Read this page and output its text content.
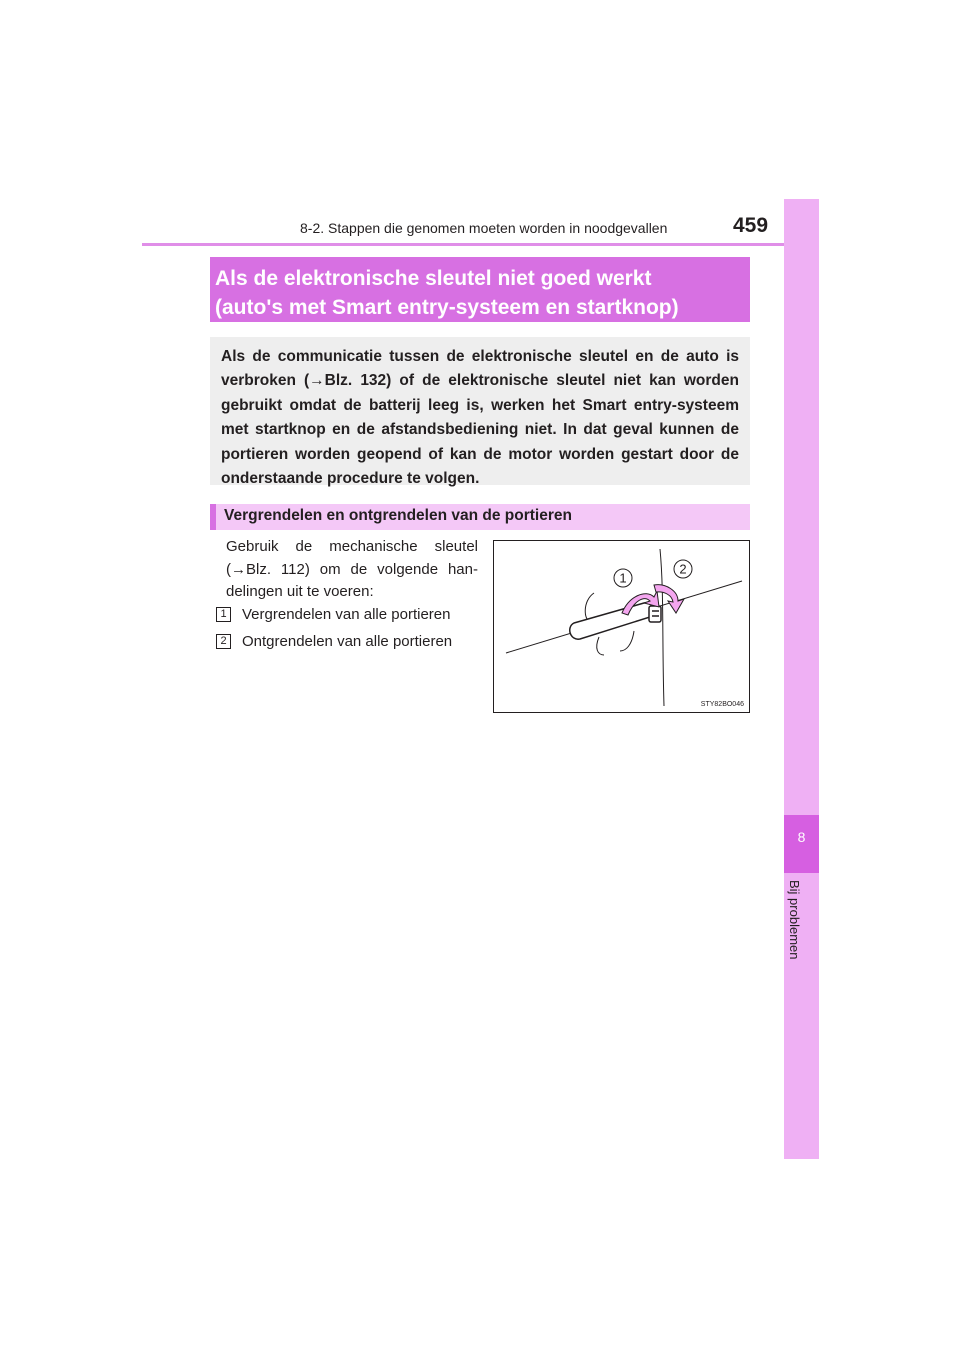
8-2. Stappen die genomen moeten worden in noodgevallen	459
8
Bij problemen
Als de elektronische sleutel niet goed werkt
(auto's met Smart entry-systeem en startknop)
Als de communicatie tussen de elektronische sleutel en de auto is verbroken (→Blz. 132) of de elektronische sleutel niet kan worden gebruikt omdat de batterij leeg is, werken het Smart entry-systeem met startknop en de afstandsbediening niet. In dat geval kunnen de portieren worden geopend of kan de motor worden gestart door de onderstaande procedure te volgen.
Vergrendelen en ontgrendelen van de portieren
Gebruik de mechanische sleutel (→Blz. 112) om de volgende han-delingen uit te voeren:
1 Vergrendelen van alle portieren
2 Ontgrendelen van alle portieren
1
2
STY82BO046
